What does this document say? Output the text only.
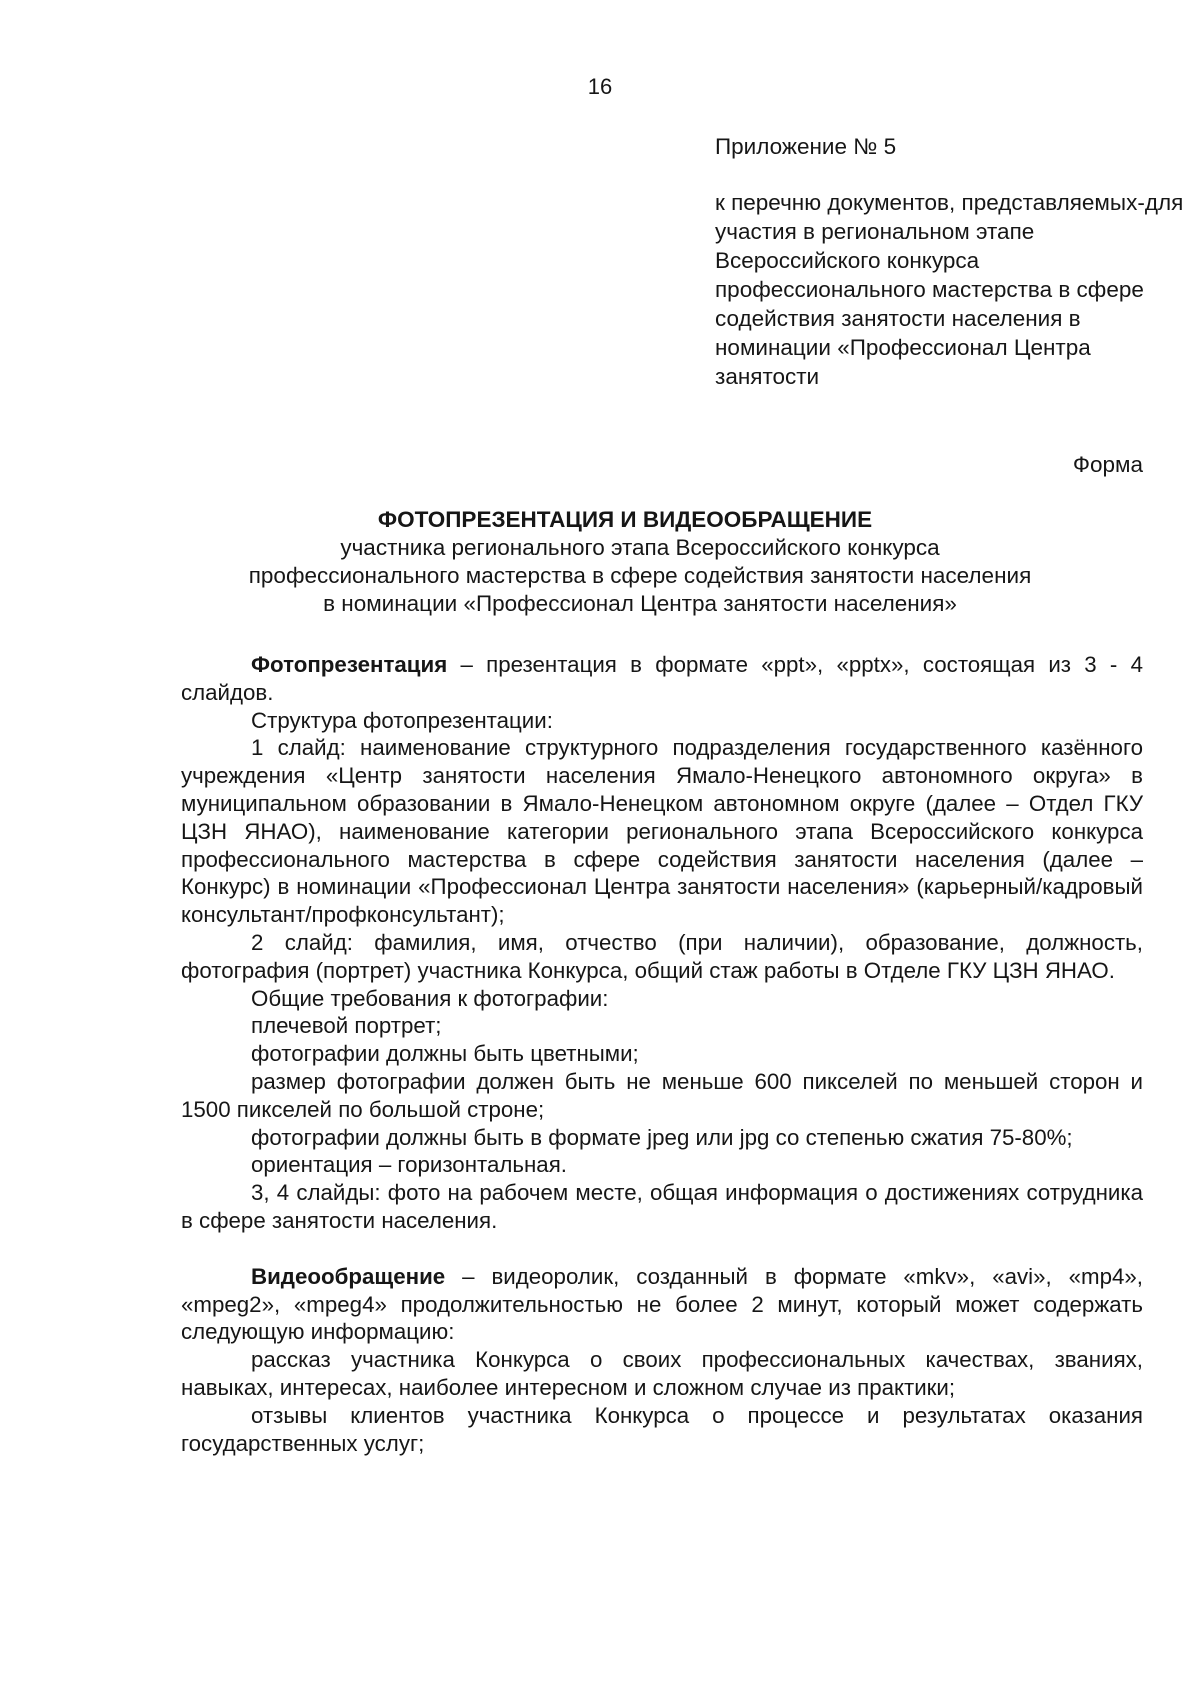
16
Приложение № 5
к перечню документов, представляемых-для участия в региональном этапе Всероссийского конкурса профессионального мастерства в сфере содействия занятости населения в номинации «Профессионал Центра занятости
Форма
ФОТОПРЕЗЕНТАЦИЯ И ВИДЕООБРАЩЕНИЕ
участника регионального этапа Всероссийского конкурса
профессионального мастерства в сфере содействия занятости населения
в номинации «Профессионал Центра занятости населения»

Фотопрезентация – презентация в формате «ppt», «pptx», состоящая из 3 - 4 слайдов.

Структура фотопрезентации:

1 слайд: наименование структурного подразделения государственного казённого учреждения «Центр занятости населения Ямало-Ненецкого автономного округа» в муниципальном образовании в Ямало-Ненецком автономном округе (далее – Отдел ГКУ ЦЗН ЯНАО), наименование категории регионального этапа Всероссийского конкурса профессионального мастерства в сфере содействия занятости населения (далее – Конкурс) в номинации «Профессионал Центра занятости населения» (карьерный/кадровый консультант/профконсультант);

2 слайд: фамилия, имя, отчество (при наличии), образование, должность, фотография (портрет) участника Конкурса, общий стаж работы в Отделе ГКУ ЦЗН ЯНАО.

Общие требования к фотографии:

плечевой портрет;

фотографии должны быть цветными;

размер фотографии должен быть не меньше 600 пикселей по меньшей сторон и 1500 пикселей по большой строне;

фотографии должны быть в формате jpeg или jpg со степенью сжатия 75-80%;

ориентация – горизонтальная.

3, 4 слайды: фото на рабочем месте, общая информация о достижениях сотрудника в сфере занятости населения.

Видеообращение – видеоролик, созданный в формате «mkv», «avi», «mp4», «mpeg2», «mpeg4» продолжительностью не более 2 минут, который может содержать следующую информацию:

рассказ участника Конкурса о своих профессиональных качествах, званиях, навыках, интересах, наиболее интересном и сложном случае из практики;

отзывы клиентов участника Конкурса о процессе и результатах оказания государственных услуг;
